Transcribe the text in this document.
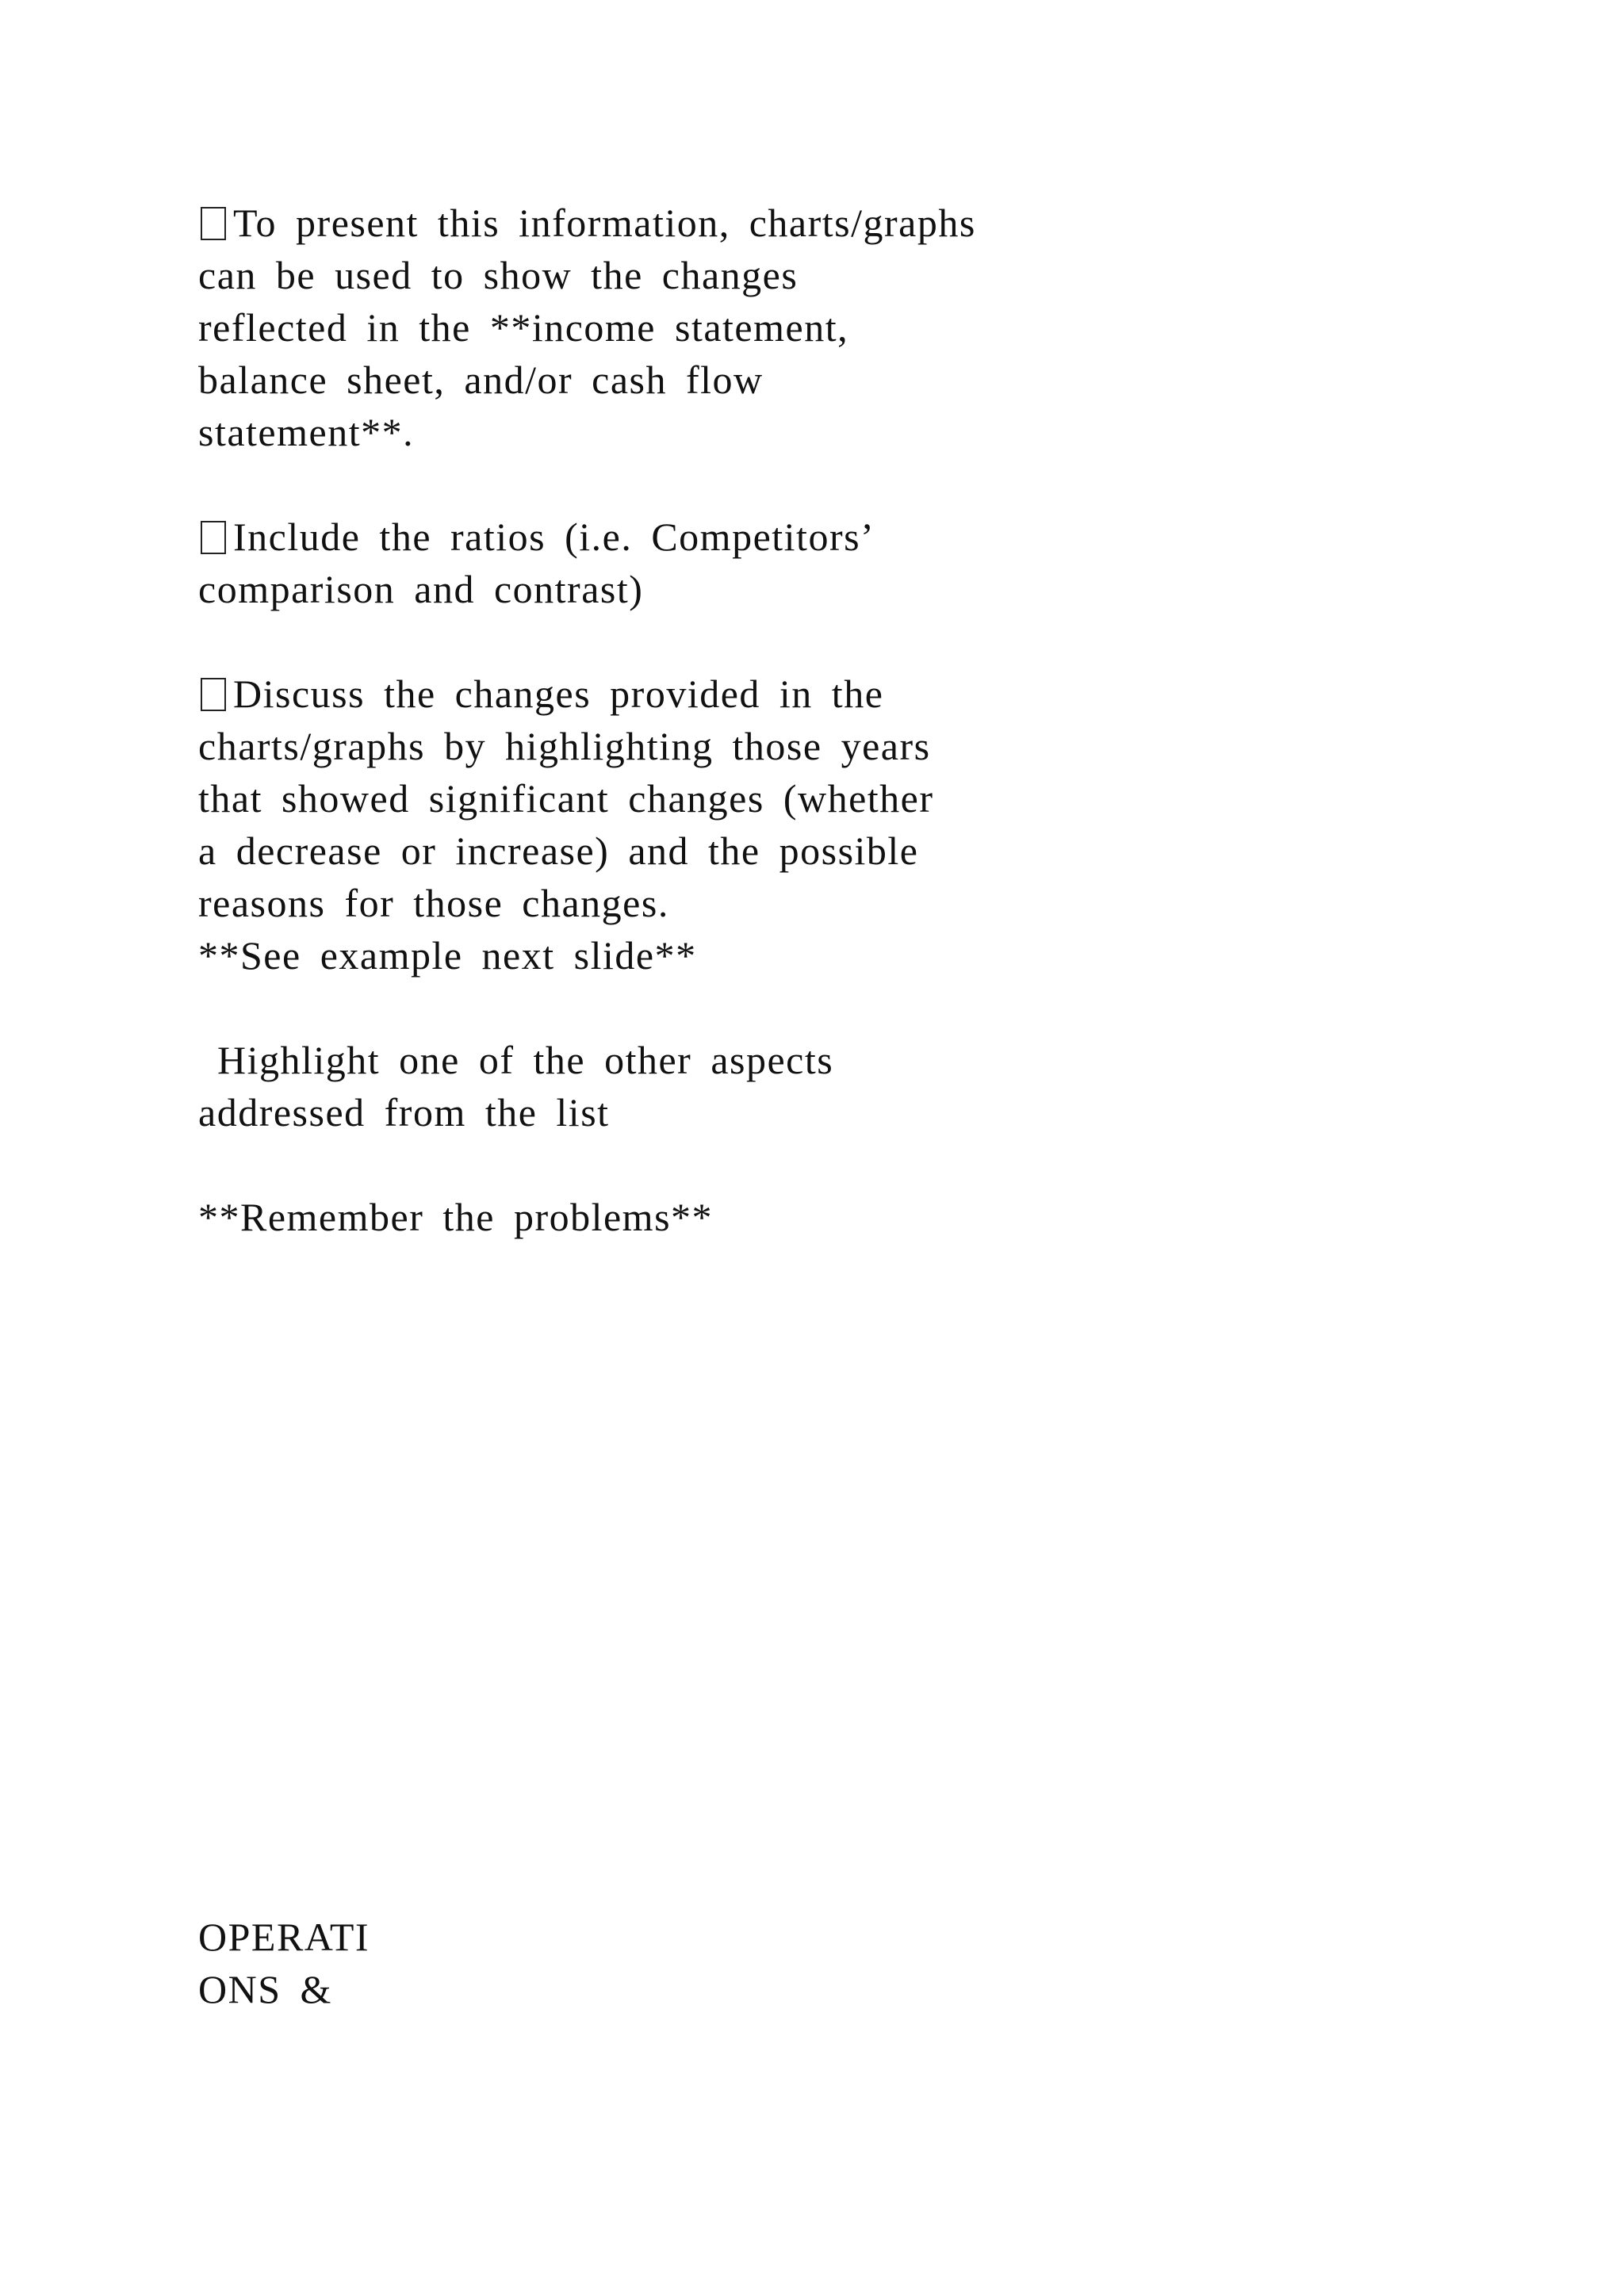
To present this information, charts/graphs
can be used to show the changes
reflected in the **income statement,
balance sheet, and/or cash flow
statement**.
Include the ratios (i.e. Competitors’
comparison and contrast)
Discuss the changes provided in the
charts/graphs by highlighting those years
that showed significant changes (whether
a decrease or increase) and the possible
reasons for those changes.
**See example next slide**
Highlight one of the other aspects
addressed from the list
**Remember the problems**
OPERATI
ONS &
